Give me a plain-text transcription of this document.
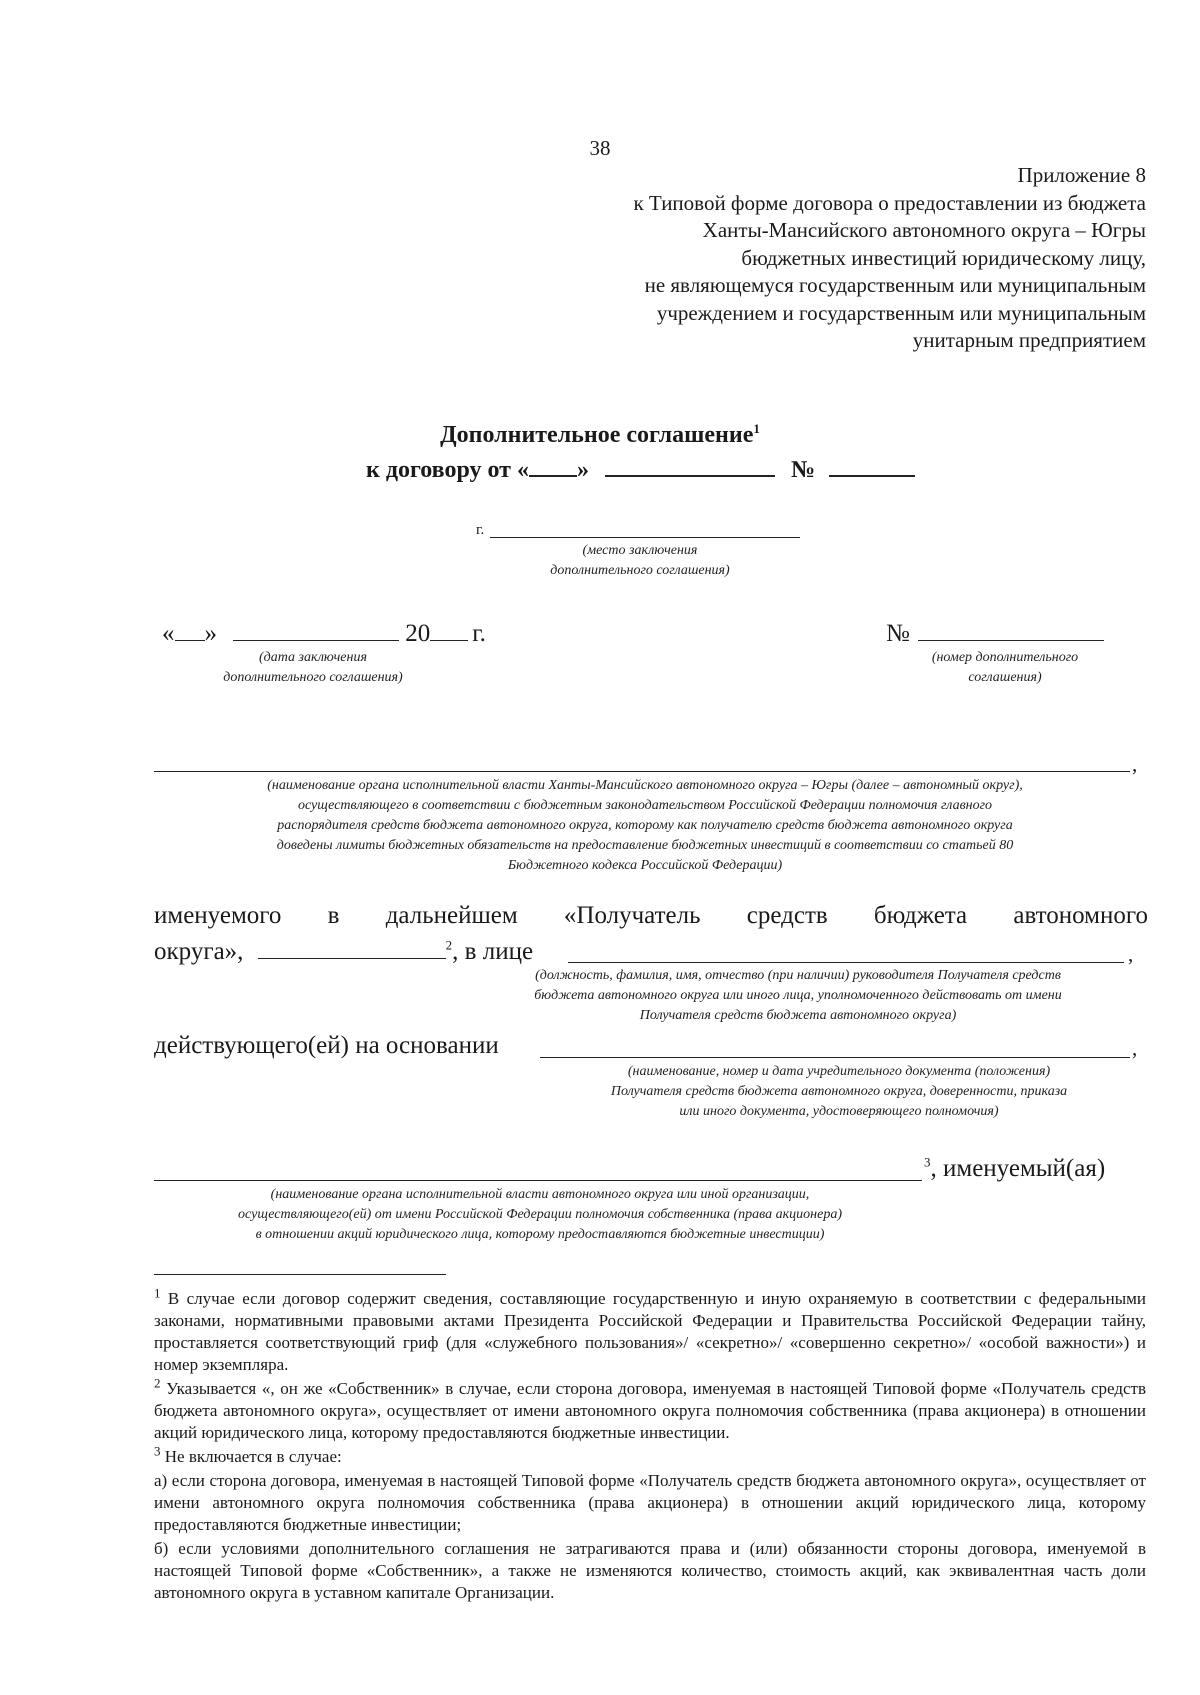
38
Приложение 8
к Типовой форме договора о предоставлении из бюджета
Ханты-Мансийского автономного округа – Югры
бюджетных инвестиций юридическому лицу,
не являющемуся государственным или муниципальным
учреждением и государственным или муниципальным
унитарным предприятием
Дополнительное соглашение$^1$
к договору от « »	№
г.
(место заключения
дополнительного соглашения)
« »	20 г.
(дата заключения
дополнительного соглашения)
№
(номер дополнительного
соглашения)
,
(наименование органа исполнительной власти Ханты-Мансийского автономного округа – Югры (далее – автономный округ),
осуществляющего в соответствии с бюджетным законодательством Российской Федерации полномочия главного
распорядителя средств бюджета автономного округа, которому как получателю средств бюджета автономного округа
доведены лимиты бюджетных обязательств на предоставление бюджетных инвестиций в соответствии со статьей 80
Бюджетного кодекса Российской Федерации)
именуемого в дальнейшем «Получатель средств бюджета автономного
округа»,	$^2$, в лице	,
(должность, фамилия, имя, отчество (при наличии) руководителя Получателя средств
бюджета автономного округа или иного лица, уполномоченного действовать от имени
Получателя средств бюджета автономного округа)
действующего(ей) на основании	,
(наименование, номер и дата учредительного документа (положения)
Получателя средств бюджета автономного округа, доверенности, приказа
или иного документа, удостоверяющего полномочия)
$^3$, именуемый(ая)
(наименование органа исполнительной власти автономного округа или иной организации,
осуществляющего(ей) от имени Российской Федерации полномочия собственника (права акционера)
в отношении акций юридического лица, которому предоставляются бюджетные инвестиции)
$^1$ В случае если договор содержит сведения, составляющие государственную и иную охраняемую в соответствии с федеральными законами, нормативными правовыми актами Президента Российской Федерации и Правительства Российской Федерации тайну, проставляется соответствующий гриф (для «служебного пользования»/ «секретно»/ «совершенно секретно»/ «особой важности») и номер экземпляра.
$^2$ Указывается «, он же «Собственник» в случае, если сторона договора, именуемая в настоящей Типовой форме «Получатель средств бюджета автономного округа», осуществляет от имени автономного округа полномочия собственника (права акционера) в отношении акций юридического лица, которому предоставляются бюджетные инвестиции.
$^3$ Не включается в случае:
а) если сторона договора, именуемая в настоящей Типовой форме «Получатель средств бюджета автономного округа», осуществляет от имени автономного округа полномочия собственника (права акционера) в отношении акций юридического лица, которому предоставляются бюджетные инвестиции;
б) если условиями дополнительного соглашения не затрагиваются права и (или) обязанности стороны договора, именуемой в настоящей Типовой форме «Собственник», а также не изменяются количество, стоимость акций, как эквивалентная часть доли автономного округа в уставном капитале Организации.
